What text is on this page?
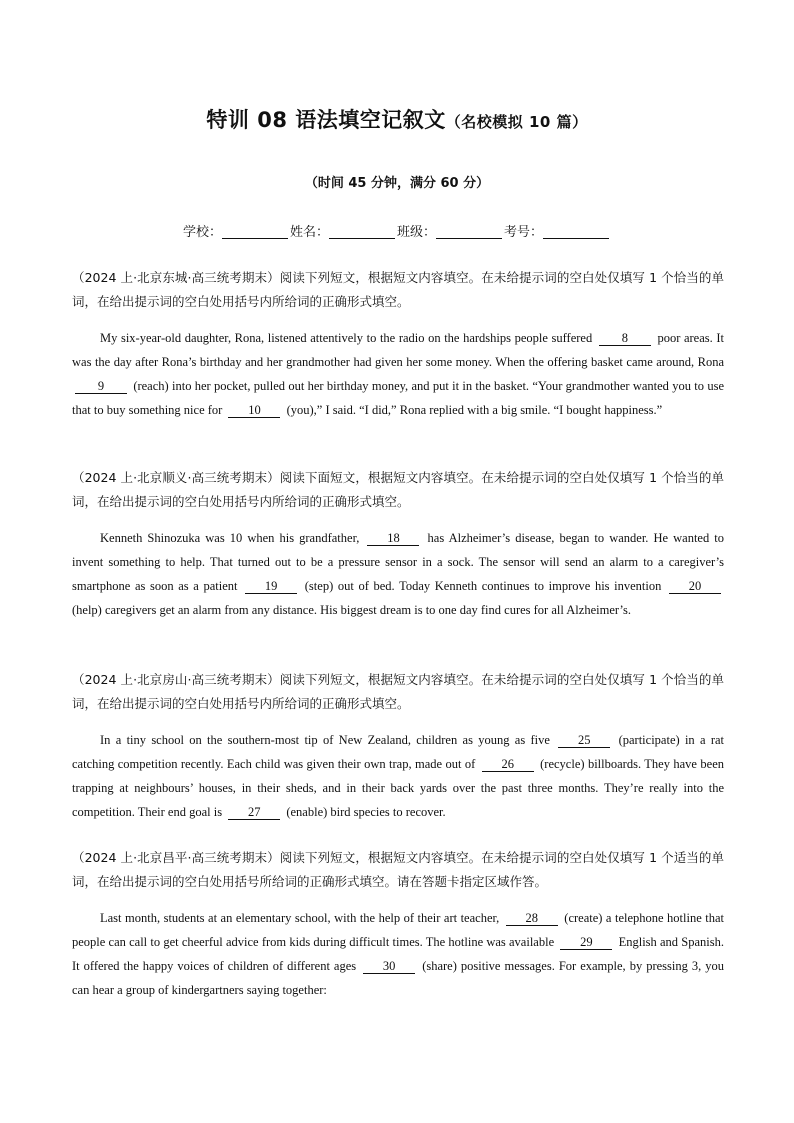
特训 08 语法填空记叙文（名校模拟 10 篇）
（时间 45 分钟，满分 60 分）
学校：	姓名：	班级：	考号：
（2024 上·北京东城·高三统考期末）阅读下列短文，根据短文内容填空。在未给提示词的空白处仅填写 1 个恰当的单词，在给出提示词的空白处用括号内所给词的正确形式填空。
My six-year-old daughter, Rona, listened attentively to the radio on the hardships people suffered 8 poor areas. It was the day after Rona’s birthday and her grandmother had given her some money. When the offering basket came around, Rona 9 (reach) into her pocket, pulled out her birthday money, and put it in the basket. “Your grandmother wanted you to use that to buy something nice for 10 (you),” I said. “I did,” Rona replied with a big smile. “I bought happiness.”
（2024 上·北京顺义·高三统考期末）阅读下面短文，根据短文内容填空。在未给提示词的空白处仅填写 1 个恰当的单词，在给出提示词的空白处用括号内所给词的正确形式填空。
Kenneth Shinozuka was 10 when his grandfather, 18 has Alzheimer’s disease, began to wander. He wanted to invent something to help. That turned out to be a pressure sensor in a sock. The sensor will send an alarm to a caregiver’s smartphone as soon as a patient 19 (step) out of bed. Today Kenneth continues to improve his invention 20 (help) caregivers get an alarm from any distance. His biggest dream is to one day find cures for all Alzheimer’s.
（2024 上·北京房山·高三统考期末）阅读下列短文，根据短文内容填空。在未给提示词的空白处仅填写 1 个恰当的单词，在给出提示词的空白处用括号内所给词的正确形式填空。
In a tiny school on the southern-most tip of New Zealand, children as young as five 25 (participate) in a rat catching competition recently. Each child was given their own trap, made out of 26 (recycle) billboards. They have been trapping at neighbours’ houses, in their sheds, and in their back yards over the past three months. They’re really into the competition. Their end goal is 27 (enable) bird species to recover.
（2024 上·北京昌平·高三统考期末）阅读下列短文，根据短文内容填空。在未给提示词的空白处仅填写 1 个适当的单词，在给出提示词的空白处用括号所给词的正确形式填空。请在答题卡指定区域作答。
Last month, students at an elementary school, with the help of their art teacher, 28 (create) a telephone hotline that people can call to get cheerful advice from kids during difficult times. The hotline was available 29 English and Spanish. It offered the happy voices of children of different ages 30 (share) positive messages. For example, by pressing 3, you can hear a group of kindergartners saying together:
